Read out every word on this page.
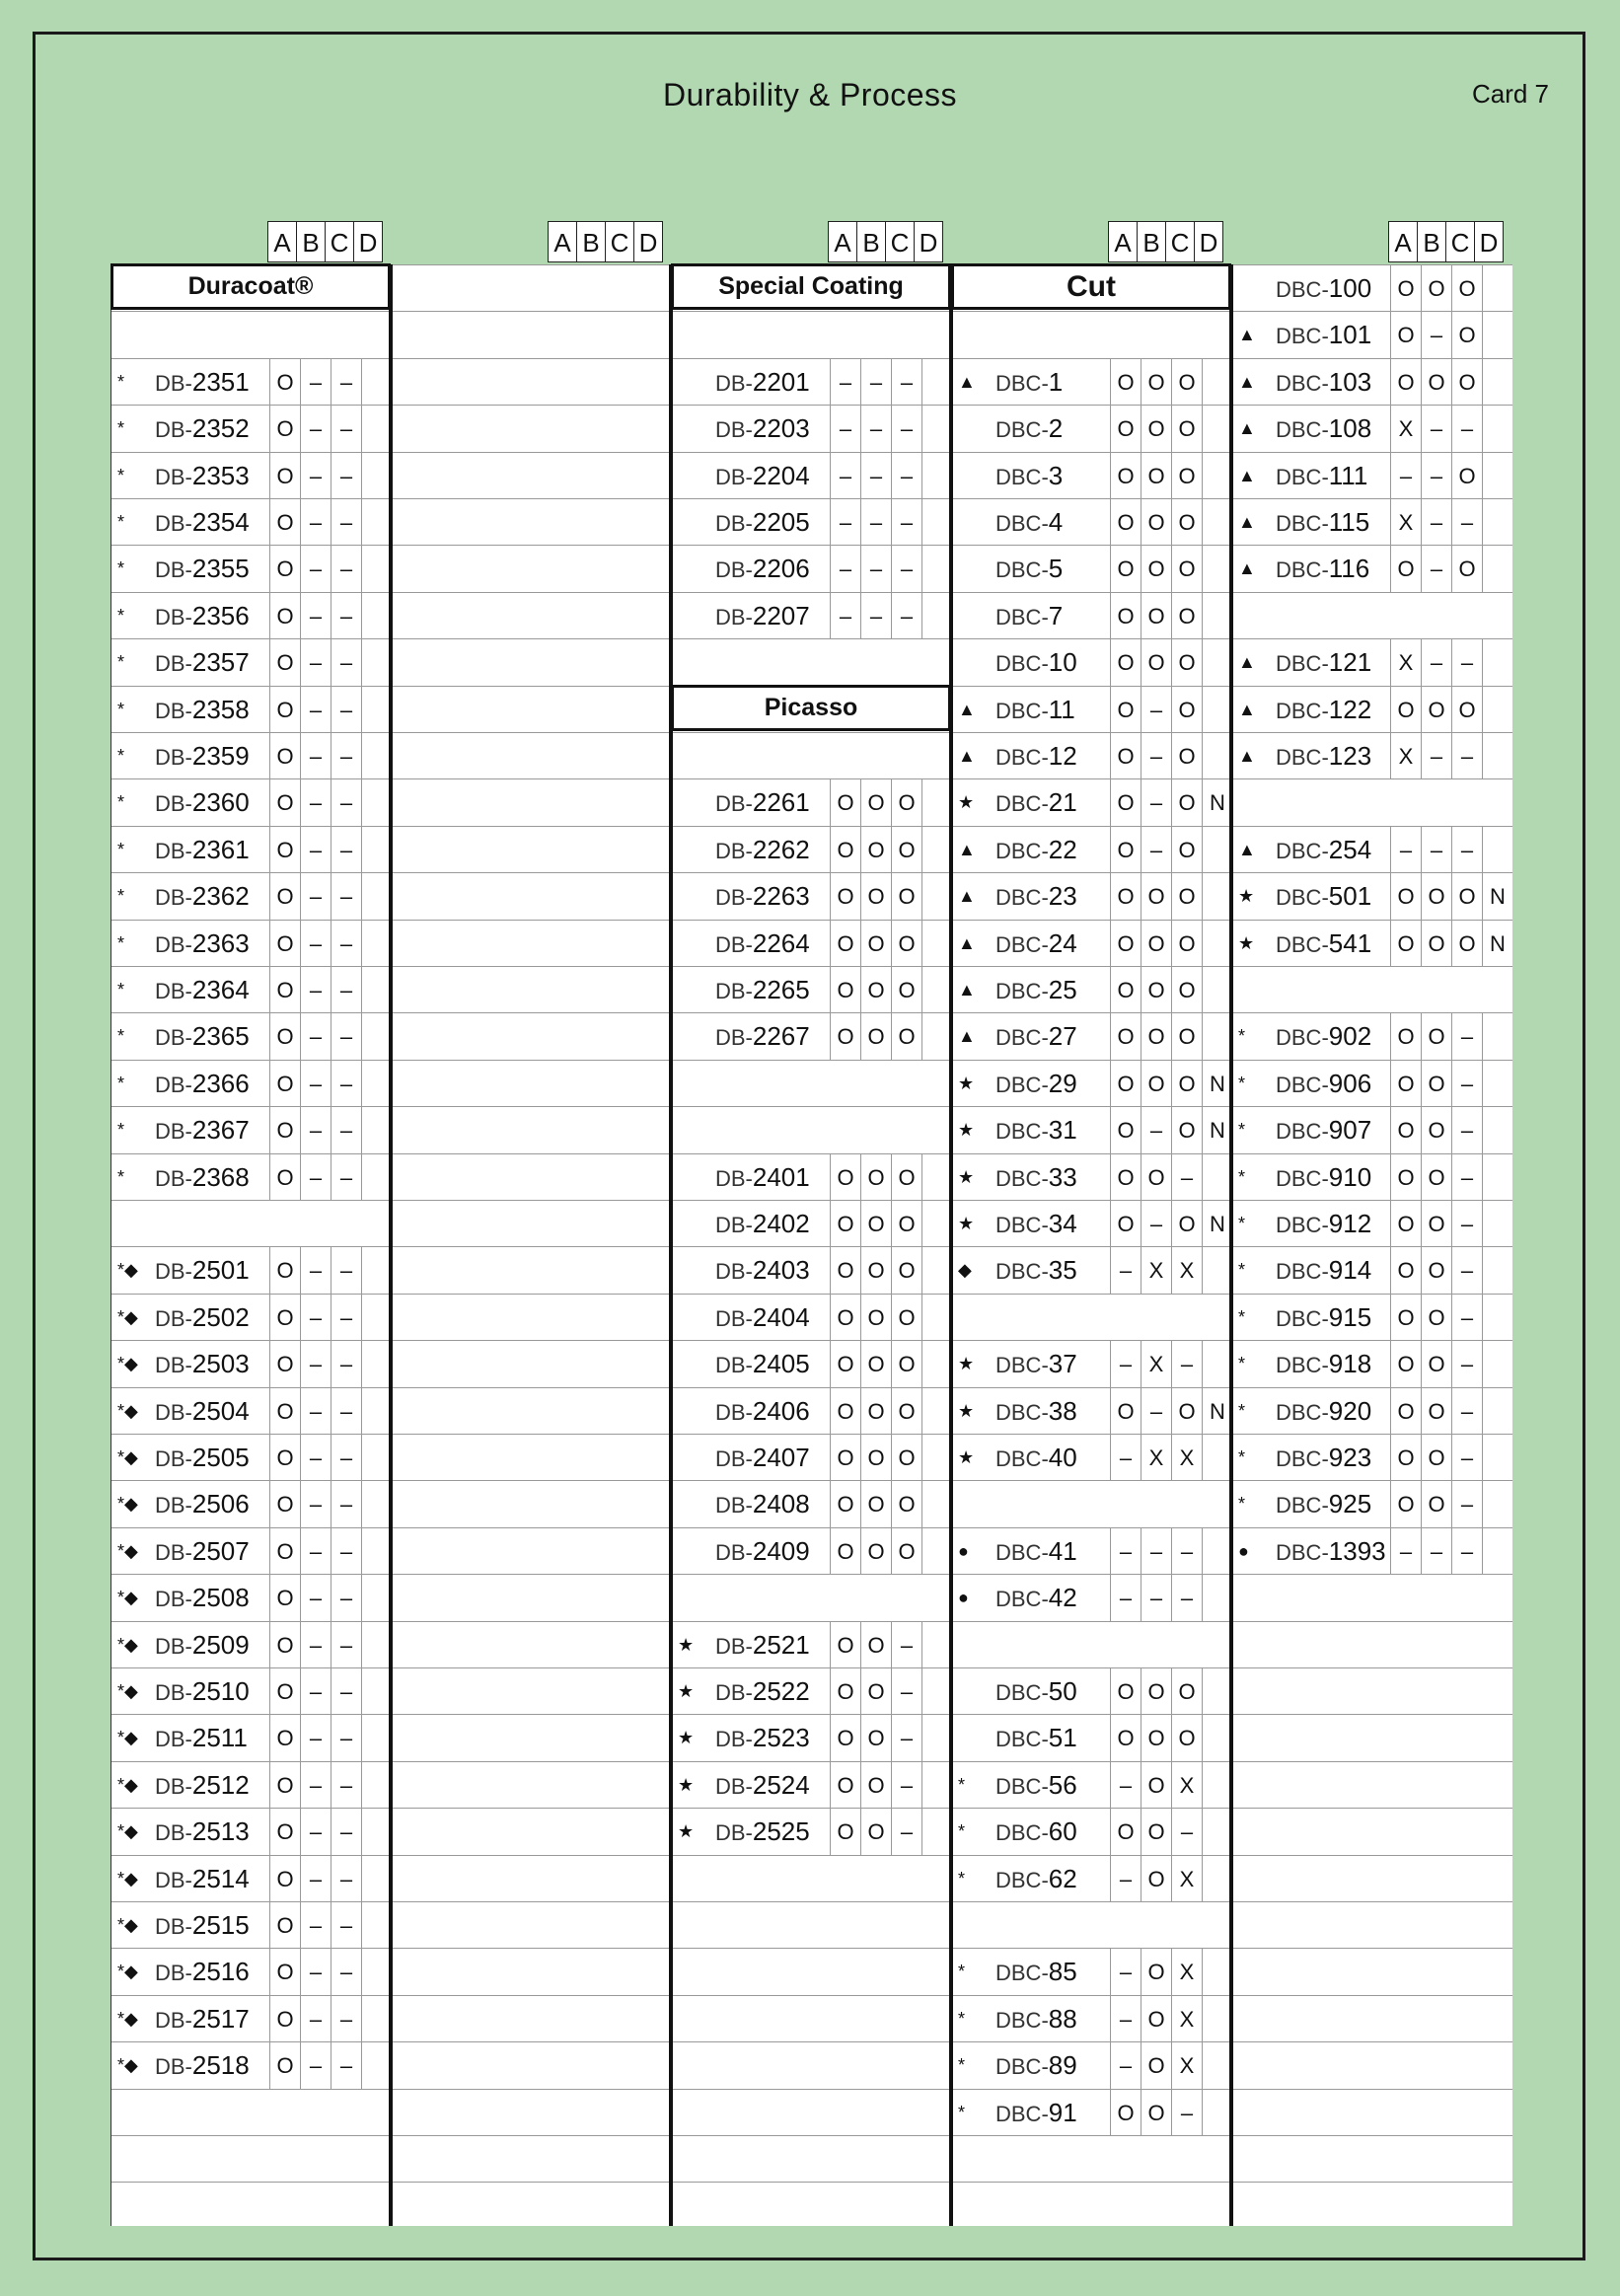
Durability & Process	Card 7
A B C D
Duracoat®
* DB-2351	O – –
* DB-2352	O – –
* DB-2353	O – –
* DB-2354	O – –
* DB-2355	O – –
* DB-2356	O – –
* DB-2357	O – –
* DB-2358	O – –
* DB-2359	O – –
* DB-2360	O – –
* DB-2361	O – –
* DB-2362	O – –
* DB-2363	O – –
* DB-2364	O – –
* DB-2365	O – –
* DB-2366	O – –
* DB-2367	O – –
* DB-2368	O – –
*◆ DB-2501	O – –
*◆ DB-2502	O – –
*◆ DB-2503	O – –
*◆ DB-2504	O – –
*◆ DB-2505	O – –
*◆ DB-2506	O – –
*◆ DB-2507	O – –
*◆ DB-2508	O – –
*◆ DB-2509	O – –
*◆ DB-2510	O – –
*◆ DB-2511	O – –
*◆ DB-2512	O – –
*◆ DB-2513	O – –
*◆ DB-2514	O – –
*◆ DB-2515	O – –
*◆ DB-2516	O – –
*◆ DB-2517	O – –
*◆ DB-2518	O – –
A B C D	A B C D
Special Coating
DB-2201	– – –
DB-2203	– – –
DB-2204	– – –
DB-2205	– – –
DB-2206	– – –
DB-2207	– – –
Picasso
DB-2261	O O O
DB-2262	O O O
DB-2263	O O O
DB-2264	O O O
DB-2265	O O O
DB-2267	O O O
DB-2401	O O O
DB-2402	O O O
DB-2403	O O O
DB-2404	O O O
DB-2405	O O O
DB-2406	O O O
DB-2407	O O O
DB-2408	O O O
DB-2409	O O O
★ DB-2521	O O –
★ DB-2522	O O –
★ DB-2523	O O –
★ DB-2524	O O –
★ DB-2525	O O –
A B C D
Cut
▲ DBC-1	O O O
DBC-2	O O O
DBC-3	O O O
DBC-4	O O O
DBC-5	O O O
DBC-7	O O O
DBC-10	O O O
▲ DBC-11	O – O
▲ DBC-12	O – O
★ DBC-21	O – O N
▲ DBC-22	O – O
▲ DBC-23	O O O
▲ DBC-24	O O O
▲ DBC-25	O O O
▲ DBC-27	O O O
★ DBC-29	O O O N
★ DBC-31	O – O N
★ DBC-33	O O –
★ DBC-34	O – O N
◆ DBC-35	– X X
★ DBC-37	– X –
★ DBC-38	O – O N
★ DBC-40	– X X
● DBC-41	– – –
● DBC-42	– – –
DBC-50	O O O
DBC-51	O O O
* DBC-56	– O X
* DBC-60	O O –
* DBC-62	– O X
* DBC-85	– O X
* DBC-88	– O X
* DBC-89	– O X
* DBC-91	O O –
A B C D
DBC-100	O O O
▲ DBC-101	O – O
▲ DBC-103	O O O
▲ DBC-108	X – –
▲ DBC-111	– – O
▲ DBC-115	X – –
▲ DBC-116	O – O
▲ DBC-121	X – –
▲ DBC-122	O O O
▲ DBC-123	X – –
▲ DBC-254	– – –
★ DBC-501	O O O N
★ DBC-541	O O O N
* DBC-902	O O –
* DBC-906	O O –
* DBC-907	O O –
* DBC-910	O O –
* DBC-912	O O –
* DBC-914	O O –
* DBC-915	O O –
* DBC-918	O O –
* DBC-920	O O –
* DBC-923	O O –
* DBC-925	O O –
● DBC-1393 – – –
